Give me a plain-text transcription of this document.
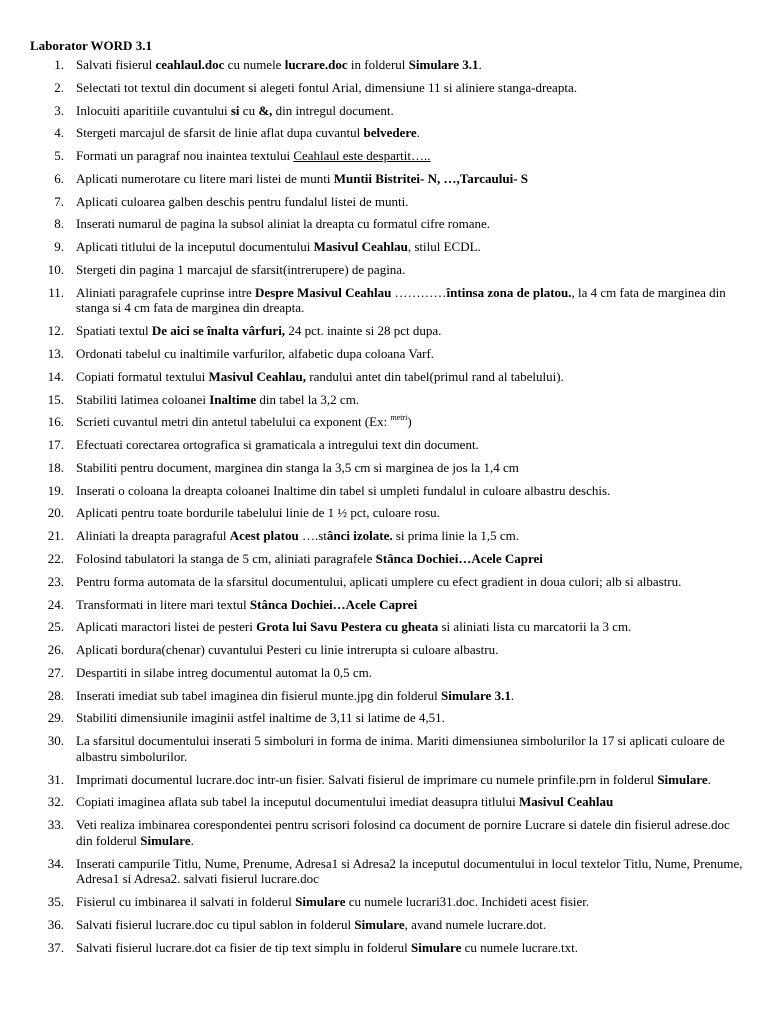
Laborator WORD 3.1
1. Salvati fisierul ceahlaul.doc cu numele lucrare.doc in folderul Simulare 3.1.
2. Selectati tot textul din document si alegeti fontul Arial, dimensiune 11 si aliniere stanga-dreapta.
3. Inlocuiti aparitiile cuvantului si cu &, din intregul document.
4. Stergeti marcajul de sfarsit de linie aflat dupa cuvantul belvedere.
5. Formati un paragraf nou inaintea textului Ceahlaul este despartit…..
6. Aplicati numerotare cu litere mari listei de munti Muntii Bistritei- N, …,Tarcaului- S
7. Aplicati culoarea galben deschis pentru fundalul listei de munti.
8. Inserati numarul de pagina la subsol aliniat la dreapta cu formatul cifre romane.
9. Aplicati titlului de la inceputul documentului Masivul Ceahlau, stilul ECDL.
10. Stergeti din pagina 1 marcajul de sfarsit(intrerupere) de pagina.
11. Aliniati paragrafele cuprinse intre Despre Masivul Ceahlau …………întinsa zona de platou., la 4 cm fata de marginea din stanga si 4 cm fata de marginea din dreapta.
12. Spatiati textul De aici se înalta vârfuri, 24 pct. inainte si 28 pct dupa.
13. Ordonati tabelul cu inaltimile varfurilor, alfabetic dupa coloana Varf.
14. Copiati formatul textului Masivul Ceahlau, randului antet din tabel(primul rand al tabelului).
15. Stabiliti latimea coloanei Inaltime din tabel la 3,2 cm.
16. Scrieti cuvantul metri din antetul tabelului ca exponent (Ex: $^{metri}$)
17. Efectuati corectarea ortografica si gramaticala a intregului text din document.
18. Stabiliti pentru document, marginea din stanga la 3,5 cm si marginea de jos la 1,4 cm
19. Inserati o coloana la dreapta coloanei Inaltime din tabel si umpleti fundalul in culoare albastru deschis.
20. Aplicati pentru toate bordurile tabelului linie de 1 ½ pct, culoare rosu.
21. Aliniati la dreapta paragraful Acest platou ….stânci izolate. si prima linie la 1,5 cm.
22. Folosind tabulatori la stanga de 5 cm, aliniati paragrafele Stânca Dochiei…Acele Caprei
23. Pentru forma automata de la sfarsitul documentului, aplicati umplere cu efect gradient in doua culori; alb si albastru.
24. Transformati in litere mari textul Stânca Dochiei…Acele Caprei
25. Aplicati maractori listei de pesteri Grota lui Savu Pestera cu gheata si aliniati lista cu marcatorii la 3 cm.
26. Aplicati bordura(chenar) cuvantului Pesteri cu linie intrerupta si culoare albastru.
27. Despartiti in silabe intreg documentul automat la 0,5 cm.
28. Inserati imediat sub tabel imaginea din fisierul munte.jpg din folderul Simulare 3.1.
29. Stabiliti dimensiunile imaginii astfel inaltime de 3,11 si latime de 4,51.
30. La sfarsitul documentului inserati 5 simboluri in forma de inima. Mariti dimensiunea simbolurilor la 17 si aplicati culoare de albastru simbolurilor.
31. Imprimati documentul lucrare.doc intr-un fisier. Salvati fisierul de imprimare cu numele prinfile.prn in folderul Simulare.
32. Copiati imaginea aflata sub tabel la inceputul documentului imediat deasupra titlului Masivul Ceahlau
33. Veti realiza imbinarea corespondentei pentru scrisori folosind ca document de pornire Lucrare si datele din fisierul adrese.doc din folderul Simulare.
34. Inserati campurile Titlu, Nume, Prenume, Adresa1 si Adresa2 la inceputul documentului in locul textelor Titlu, Nume, Prenume, Adresa1 si Adresa2. salvati fisierul lucrare.doc
35. Fisierul cu imbinarea il salvati in folderul Simulare cu numele lucrari31.doc. Inchideti acest fisier.
36. Salvati fisierul lucrare.doc cu tipul sablon in folderul Simulare, avand numele lucrare.dot.
37. Salvati fisierul lucrare.dot ca fisier de tip text simplu in folderul Simulare cu numele lucrare.txt.
